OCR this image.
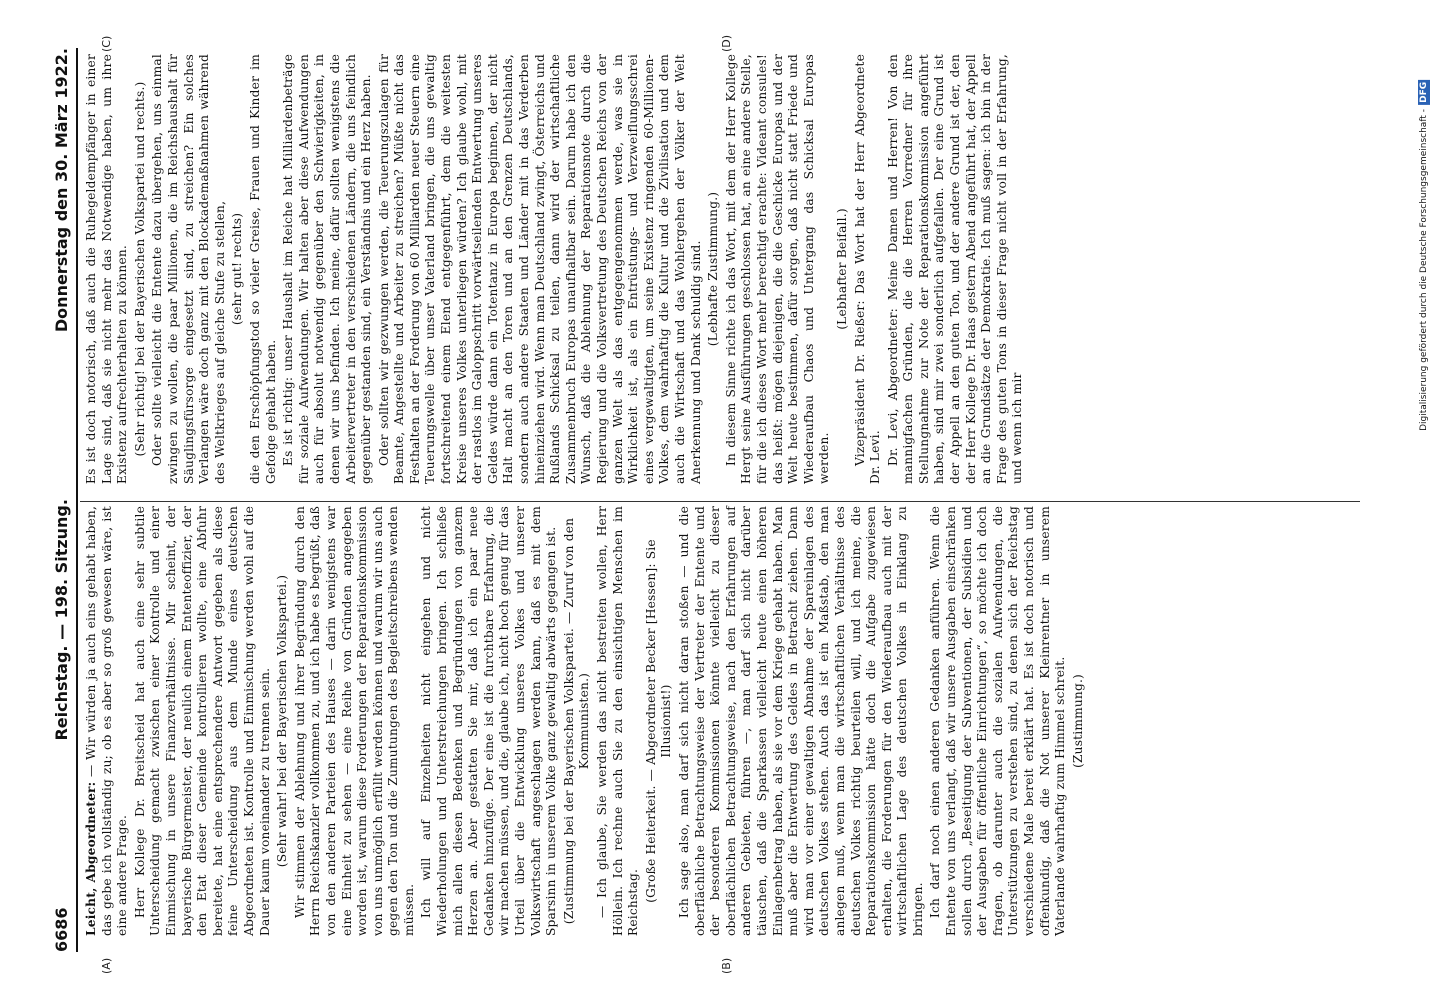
Digitalisierung gefördert durch die Deutsche Forschungsgemeinschaft -
DFG
6686
Reichstag. — 198. Sitzung.
Donnerstag den 30. März 1922.
(A)	(B)
(C)	(D)

Leicht, Abgeordneter: — Wir würden ja auch eins gehabt haben, das gebe ich vollständig zu; ob es aber so groß gewesen wäre, ist eine andere Frage. Herr Kollege Dr. Breitscheid hat auch eine sehr subtile Unterscheidung gemacht zwischen einer Kontrolle und einer Einmischung in unsere Finanzverhältnisse. Mir scheint, der bayerische Bürgermeister, der neulich einem Ententeoffizier, der den Etat dieser Gemeinde kontrollieren wollte, eine Abfuhr bereitete, hat eine entsprechendere Antwort gegeben als diese feine Unterscheidung aus dem Munde eines deutschen Abgeordneten ist. Kontrolle und Einmischung werden wohl auf die Dauer kaum voneinander zu trennen sein. (Sehr wahr! bei der Bayerischen Volkspartei.) Wir stimmen der Ablehnung und ihrer Begründung durch den Herrn Reichskanzler vollkommen zu, und ich habe es begrüßt, daß von den anderen Parteien des Hauses — darin wenigstens war eine Einheit zu sehen — eine Reihe von Gründen angegeben worden ist, warum diese Forderungen der Reparationskommission von uns unmöglich erfüllt werden können und warum wir uns auch gegen den Ton und die Zumutungen des Begleitschreibens wenden müssen. Ich will auf Einzelheiten nicht eingehen und nicht Wiederholungen und Unterstreichungen bringen. Ich schließe mich allen diesen Bedenken und Begründungen von ganzem Herzen an. Aber gestatten Sie mir, daß ich ein paar neue Gedanken hinzufüge. Der eine ist die furchtbare Erfahrung, die wir machen müssen, und die, glaube ich, nicht hoch genug für das Urteil über die Entwicklung unseres Volkes und unserer Volkswirtschaft angeschlagen werden kann, daß es mit dem Sparsinn in unserem Volke ganz gewaltig abwärts gegangen ist. (Zustimmung bei der Bayerischen Volkspartei. — Zuruf von den Kommunisten.) — Ich glaube, Sie werden das nicht bestreiten wollen, Herr Höllein. Ich rechne auch Sie zu den einsichtigen Menschen im Reichstag. (Große Heiterkeit. — Abgeordneter Becker [Hessen]: Sie Illusionist!) Ich sage also, man darf sich nicht daran stoßen — und die oberflächliche Betrachtungsweise der Vertreter der Entente und der besonderen Kommissionen könnte vielleicht zu dieser oberflächlichen Betrachtungsweise, nach den Erfahrungen auf anderen Gebieten, führen —, man darf sich nicht darüber täuschen, daß die Sparkassen vielleicht heute einen höheren Einlagenbetrag haben, als sie vor dem Kriege gehabt haben. Man muß aber die Entwertung des Geldes in Betracht ziehen. Dann wird man vor einer gewaltigen Abnahme der Spareinlagen des deutschen Volkes stehen. Auch das ist ein Maßstab, den man anlegen muß, wenn man die wirtschaftlichen Verhältnisse des deutschen Volkes richtig beurteilen will, und ich meine, die Reparationskommission hätte doch die Aufgabe zugewiesen erhalten, die Forderungen für den Wiederaufbau auch mit der wirtschaftlichen Lage des deutschen Volkes in Einklang zu bringen. Ich darf noch einen anderen Gedanken anführen. Wenn die Entente von uns verlangt, daß wir unsere Ausgaben einschränken sollen durch „Beseitigung der Subventionen, der Subsidien und der Ausgaben für öffentliche Einrichtungen“, so möchte ich doch fragen, ob darunter auch die sozialen Aufwendungen, die Unterstützungen zu verstehen sind, zu denen sich der Reichstag verschiedene Male bereit erklärt hat. Es ist doch notorisch und offenkundig, daß die Not unserer Kleinrentner in unserem Vaterlande wahrhaftig zum Himmel schreit. (Zustimmung.)

Es ist doch notorisch, daß auch die Ruhegeldempfänger in einer Lage sind, daß sie nicht mehr das Notwendige haben, um ihre Existenz aufrechterhalten zu können. (Sehr richtig! bei der Bayerischen Volkspartei und rechts.) Oder sollte vielleicht die Entente dazu übergehen, uns einmal zwingen zu wollen, die paar Millionen, die im Reichshaushalt für Säuglingsfürsorge eingesetzt sind, zu streichen? Ein solches Verlangen wäre doch ganz mit den Blockademaßnahmen während des Weltkrieges auf gleiche Stufe zu stellen, (sehr gut! rechts) die den Erschöpfungstod so vieler Greise, Frauen und Kinder im Gefolge gehabt haben. Es ist richtig: unser Haushalt im Reiche hat Milliardenbeträge für soziale Aufwendungen. Wir halten aber diese Aufwendungen auch für absolut notwendig gegenüber den Schwierigkeiten, in denen wir uns befinden. Ich meine, dafür sollten wenigstens die Arbeitervertreter in den verschiedenen Ländern, die uns feindlich gegenüber gestanden sind, ein Verständnis und ein Herz haben. Oder sollten wir gezwungen werden, die Teuerungszulagen für Beamte, Angestellte und Arbeiter zu streichen? Müßte nicht das Festhalten an der Forderung von 60 Milliarden neuer Steuern eine Teuerungswelle über unser Vaterland bringen, die uns gewaltig fortschreitend einem Elend entgegenführt, dem die weitesten Kreise unseres Volkes unterliegen würden? Ich glaube wohl, mit der rastlos im Galoppschritt vorwärtseilenden Entwertung unseres Geldes würde dann ein Totentanz in Europa beginnen, der nicht Halt macht an den Toren und an den Grenzen Deutschlands, sondern auch andere Staaten und Länder mit in das Verderben hineinziehen wird. Wenn man Deutschland zwingt, Österreichs und Rußlands Schicksal zu teilen, dann wird der wirtschaftliche Zusammenbruch Europas unaufhaltbar sein. Darum habe ich den Wunsch, daß die Ablehnung der Reparationsnote durch die Regierung und die Volksvertretung des Deutschen Reichs von der ganzen Welt als das entgegengenommen werde, was sie in Wirklichkeit ist, als ein Entrüstungs- und Verzweiflungsschrei eines vergewaltigten, um seine Existenz ringenden 60-Millionen-Volkes, dem wahrhaftig die Kultur und die Zivilisation und dem auch die Wirtschaft und das Wohlergehen der Völker der Welt Anerkennung und Dank schuldig sind. (Lebhafte Zustimmung.) In diesem Sinne richte ich das Wort, mit dem der Herr Kollege Hergt seine Ausführungen geschlossen hat, an eine andere Stelle, für die ich dieses Wort mehr berechtigt erachte: Videant consules! das heißt: mögen diejenigen, die die Geschicke Europas und der Welt heute bestimmen, dafür sorgen, daß nicht statt Friede und Wiederaufbau Chaos und Untergang das Schicksal Europas werden.

(Lebhafter Beifall.) Vizepräsident Dr. Rießer: Das Wort hat der Herr Abgeordnete Dr. Levi. Dr. Levi, Abgeordneter: Meine Damen und Herren! Von den mannigfachen Gründen, die die Herren Vorredner für ihre Stellungnahme zur Note der Reparationskommission angeführt haben, sind mir zwei sonderlich aufgefallen. Der eine Grund ist der Appell an den guten Ton, und der andere Grund ist der, den der Herr Kollege Dr. Haas gestern Abend angeführt hat, der Appell an die Grundsätze der Demokratie. Ich muß sagen: ich bin in der Frage des guten Tons in dieser Frage nicht voll in der Erfahrung, und wenn ich mir
